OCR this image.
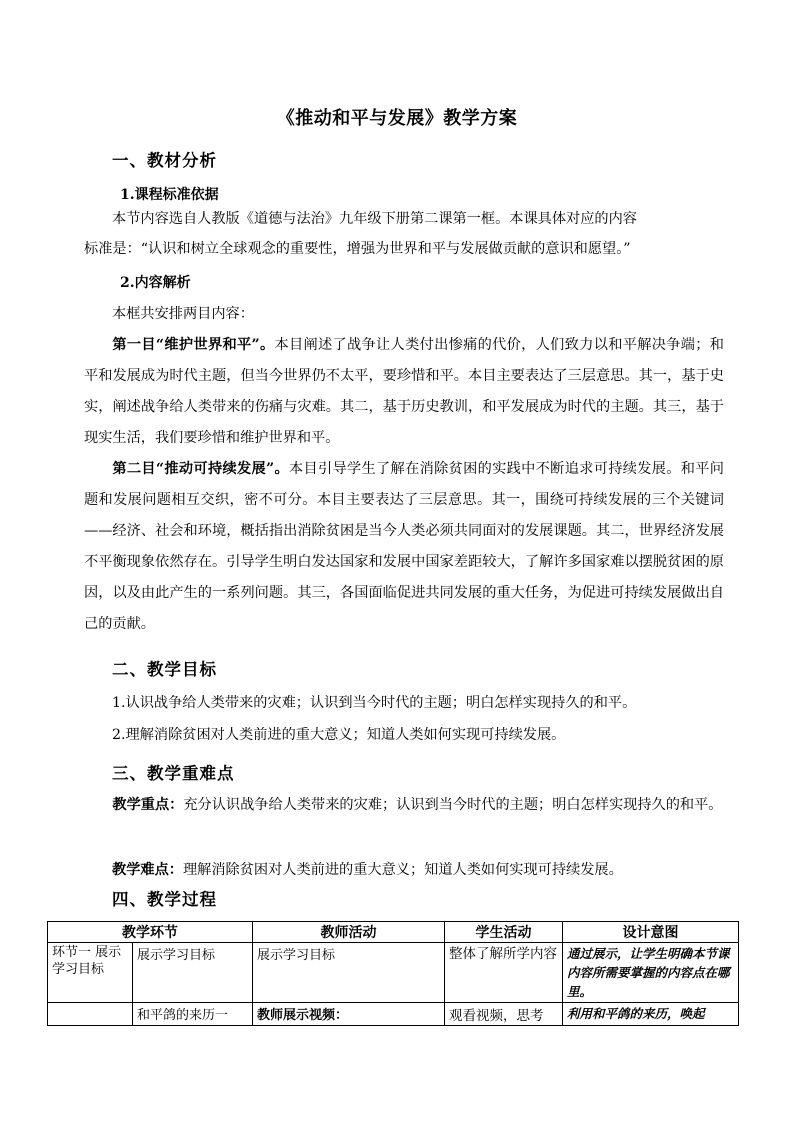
《推动和平与发展》教学方案
一、教材分析
1.课程标准依据
本节内容选自人教版《道德与法治》九年级下册第二课第一框。本课具体对应的内容
标准是：“认识和树立全球观念的重要性，增强为世界和平与发展做贡献的意识和愿望。”
2.内容解析
本框共安排两目内容：

第一目“维护世界和平”。本目阐述了战争让人类付出惨痛的代价，人们致力以和平解决争端；和平和发展成为时代主题，但当今世界仍不太平，要珍惜和平。本目主要表达了三层意思。其一，基于史实，阐述战争给人类带来的伤痛与灾难。其二，基于历史教训，和平发展成为时代的主题。其三，基于现实生活，我们要珍惜和维护世界和平。

第二目“推动可持续发展”。本目引导学生了解在消除贫困的实践中不断追求可持续发展。和平问题和发展问题相互交织，密不可分。本目主要表达了三层意思。其一，围绕可持续发展的三个关键词——经济、社会和环境，概括指出消除贫困是当今人类必须共同面对的发展课题。其二，世界经济发展不平衡现象依然存在。引导学生明白发达国家和发展中国家差距较大，了解许多国家难以摆脱贫困的原因，以及由此产生的一系列问题。其三，各国面临促进共同发展的重大任务，为促进可持续发展做出自己的贡献。

二、教学目标
1.认识战争给人类带来的灾难；认识到当今时代的主题；明白怎样实现持久的和平。
2.理解消除贫困对人类前进的重大意义；知道人类如何实现可持续发展。
三、教学重难点

教学重点：充分认识战争给人类带来的灾难；认识到当今时代的主题；明白怎样实现持久的和平。

教学难点：理解消除贫困对人类前进的重大意义；知道人类如何实现可持续发展。
四、教学过程
教学环节		教师活动	学生活动	设计意图
环节一 展示学习目标	展示学习目标	展示学习目标	整体了解所学内容	通过展示，让学生明确本节课内容所需要掌握的内容点在哪里。
	和平鸽的来历一	教师展示视频：	观看视频，思考	利用和平鸽的来历，唤起
